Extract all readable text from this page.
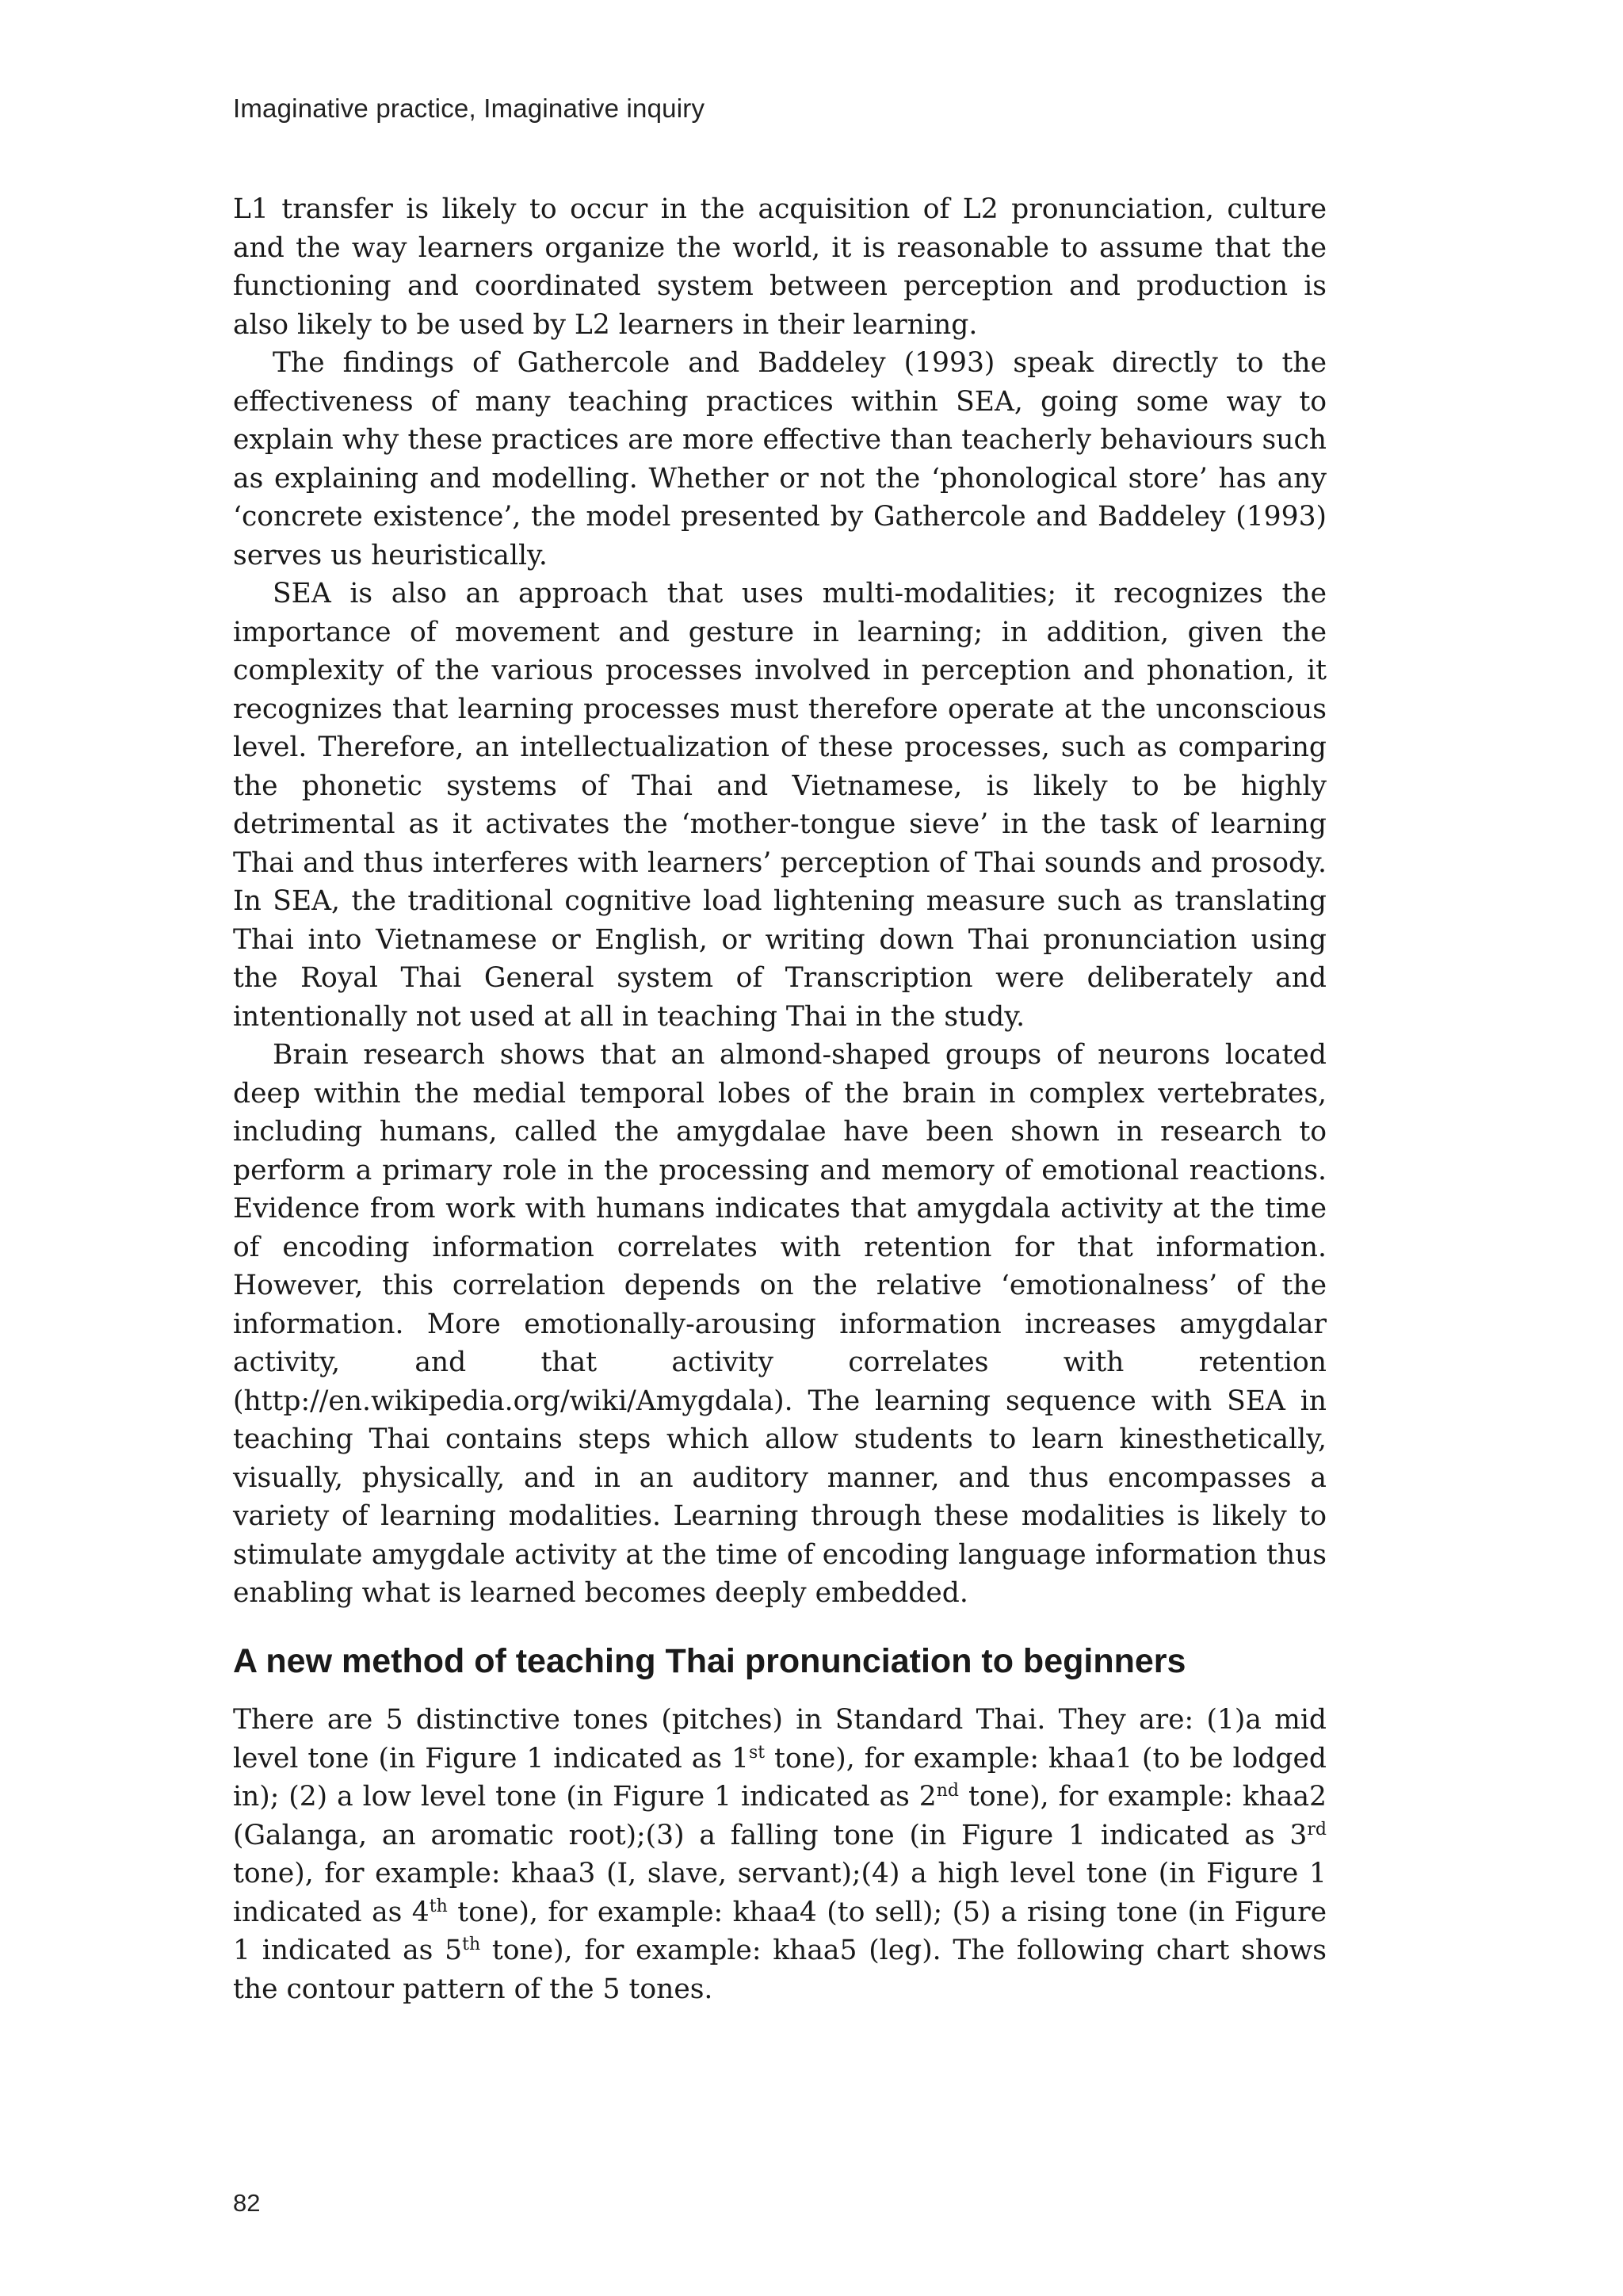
Imaginative practice, Imaginative inquiry

L1 transfer is likely to occur in the acquisition of L2 pronunciation, culture and the way learners organize the world, it is reasonable to assume that the functioning and coordinated system between perception and production is also likely to be used by L2 learners in their learning.

The findings of Gathercole and Baddeley (1993) speak directly to the effectiveness of many teaching practices within SEA, going some way to explain why these practices are more effective than teacherly behaviours such as explaining and modelling. Whether or not the ‘phonological store’ has any ‘concrete existence’, the model presented by Gathercole and Baddeley (1993) serves us heuristically.

SEA is also an approach that uses multi-modalities; it recognizes the importance of movement and gesture in learning; in addition, given the complexity of the various processes involved in perception and phonation, it recognizes that learning processes must therefore operate at the unconscious level. Therefore, an intellectualization of these processes, such as comparing the phonetic systems of Thai and Vietnamese, is likely to be highly detrimental as it activates the ‘mother-tongue sieve’ in the task of learning Thai and thus interferes with learners’ perception of Thai sounds and prosody. In SEA, the traditional cognitive load lightening measure such as translating Thai into Vietnamese or English, or writing down Thai pronunciation using the Royal Thai General system of Transcription were deliberately and intentionally not used at all in teaching Thai in the study.

Brain research shows that an almond-shaped groups of neurons located deep within the medial temporal lobes of the brain in complex vertebrates, including humans, called the amygdalae have been shown in research to perform a primary role in the processing and memory of emotional reactions. Evidence from work with humans indicates that amygdala activity at the time of encoding information correlates with retention for that information. However, this correlation depends on the relative ‘emotionalness’ of the information. More emotionally-arousing information increases amygdalar activity, and that activity correlates with retention (http://en.wikipedia.org/wiki/Amygdala). The learning sequence with SEA in teaching Thai contains steps which allow students to learn kinesthetically, visually, physically, and in an auditory manner, and thus encompasses a variety of learning modalities. Learning through these modalities is likely to stimulate amygdale activity at the time of encoding language information thus enabling what is learned becomes deeply embedded.

A new method of teaching Thai pronunciation to beginners

There are 5 distinctive tones (pitches) in Standard Thai. They are: (1)a mid level tone (in Figure 1 indicated as 1st tone), for example: khaa1 (to be lodged in); (2) a low level tone (in Figure 1 indicated as 2nd tone), for example: khaa2 (Galanga, an aromatic root);(3) a falling tone (in Figure 1 indicated as 3rd tone), for example: khaa3 (I, slave, servant);(4) a high level tone (in Figure 1 indicated as 4th tone), for example: khaa4 (to sell); (5) a rising tone (in Figure 1 indicated as 5th tone), for example: khaa5 (leg). The following chart shows the contour pattern of the 5 tones.

82
